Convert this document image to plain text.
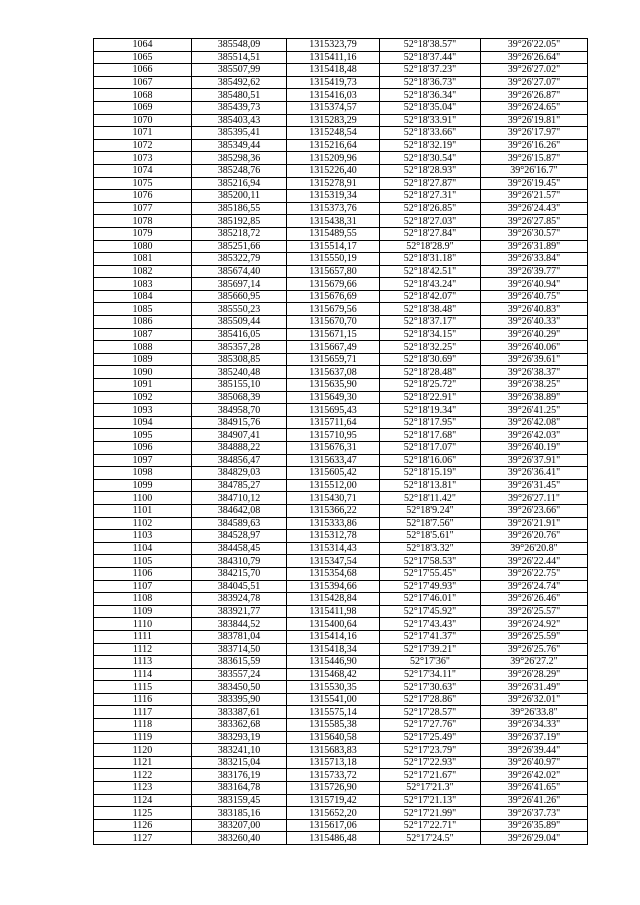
1064	385548,09	1315323,79	52°18'38.57"	39°26'22.05"
1065	385514,51	1315411,16	52°18'37.44"	39°26'26.64"
1066	385507,99	1315418,48	52°18'37.23"	39°26'27.02"
1067	385492,62	1315419,73	52°18'36.73"	39°26'27.07"
1068	385480,51	1315416,03	52°18'36.34"	39°26'26.87"
1069	385439,73	1315374,57	52°18'35.04"	39°26'24.65"
1070	385403,43	1315283,29	52°18'33.91"	39°26'19.81"
1071	385395,41	1315248,54	52°18'33.66"	39°26'17.97"
1072	385349,44	1315216,64	52°18'32.19"	39°26'16.26"
1073	385298,36	1315209,96	52°18'30.54"	39°26'15.87"
1074	385248,76	1315226,40	52°18'28.93"	39°26'16.7"
1075	385216,94	1315278,91	52°18'27.87"	39°26'19.45"
1076	385200,11	1315319,34	52°18'27.31"	39°26'21.57"
1077	385186,55	1315373,76	52°18'26.85"	39°26'24.43"
1078	385192,85	1315438,31	52°18'27.03"	39°26'27.85"
1079	385218,72	1315489,55	52°18'27.84"	39°26'30.57"
1080	385251,66	1315514,17	52°18'28.9"	39°26'31.89"
1081	385322,79	1315550,19	52°18'31.18"	39°26'33.84"
1082	385674,40	1315657,80	52°18'42.51"	39°26'39.77"
1083	385697,14	1315679,66	52°18'43.24"	39°26'40.94"
1084	385660,95	1315676,69	52°18'42.07"	39°26'40.75"
1085	385550,23	1315679,56	52°18'38.48"	39°26'40.83"
1086	385509,44	1315670,70	52°18'37.17"	39°26'40.33"
1087	385416,05	1315671,15	52°18'34.15"	39°26'40.29"
1088	385357,28	1315667,49	52°18'32.25"	39°26'40.06"
1089	385308,85	1315659,71	52°18'30.69"	39°26'39.61"
1090	385240,48	1315637,08	52°18'28.48"	39°26'38.37"
1091	385155,10	1315635,90	52°18'25.72"	39°26'38.25"
1092	385068,39	1315649,30	52°18'22.91"	39°26'38.89"
1093	384958,70	1315695,43	52°18'19.34"	39°26'41.25"
1094	384915,76	1315711,64	52°18'17.95"	39°26'42.08"
1095	384907,41	1315710,95	52°18'17.68"	39°26'42.03"
1096	384888,22	1315676,31	52°18'17.07"	39°26'40.19"
1097	384856,47	1315633,47	52°18'16.06"	39°26'37.91"
1098	384829,03	1315605,42	52°18'15.19"	39°26'36.41"
1099	384785,27	1315512,00	52°18'13.81"	39°26'31.45"
1100	384710,12	1315430,71	52°18'11.42"	39°26'27.11"
1101	384642,08	1315366,22	52°18'9.24"	39°26'23.66"
1102	384589,63	1315333,86	52°18'7.56"	39°26'21.91"
1103	384528,97	1315312,78	52°18'5.61"	39°26'20.76"
1104	384458,45	1315314,43	52°18'3.32"	39°26'20.8"
1105	384310,79	1315347,54	52°17'58.53"	39°26'22.44"
1106	384215,70	1315354,68	52°17'55.45"	39°26'22.75"
1107	384045,51	1315394,66	52°17'49.93"	39°26'24.74"
1108	383924,78	1315428,84	52°17'46.01"	39°26'26.46"
1109	383921,77	1315411,98	52°17'45.92"	39°26'25.57"
1110	383844,52	1315400,64	52°17'43.43"	39°26'24.92"
1111	383781,04	1315414,16	52°17'41.37"	39°26'25.59"
1112	383714,50	1315418,34	52°17'39.21"	39°26'25.76"
1113	383615,59	1315446,90	52°17'36"	39°26'27.2"
1114	383557,24	1315468,42	52°17'34.11"	39°26'28.29"
1115	383450,50	1315530,35	52°17'30.63"	39°26'31.49"
1116	383395,90	1315541,00	52°17'28.86"	39°26'32.01"
1117	383387,61	1315575,14	52°17'28.57"	39°26'33.8"
1118	383362,68	1315585,38	52°17'27.76"	39°26'34.33"
1119	383293,19	1315640,58	52°17'25.49"	39°26'37.19"
1120	383241,10	1315683,83	52°17'23.79"	39°26'39.44"
1121	383215,04	1315713,18	52°17'22.93"	39°26'40.97"
1122	383176,19	1315733,72	52°17'21.67"	39°26'42.02"
1123	383164,78	1315726,90	52°17'21.3"	39°26'41.65"
1124	383159,45	1315719,42	52°17'21.13"	39°26'41.26"
1125	383185,16	1315652,20	52°17'21.99"	39°26'37.73"
1126	383207,00	1315617,06	52°17'22.71"	39°26'35.89"
1127	383260,40	1315486,48	52°17'24.5"	39°26'29.04"
